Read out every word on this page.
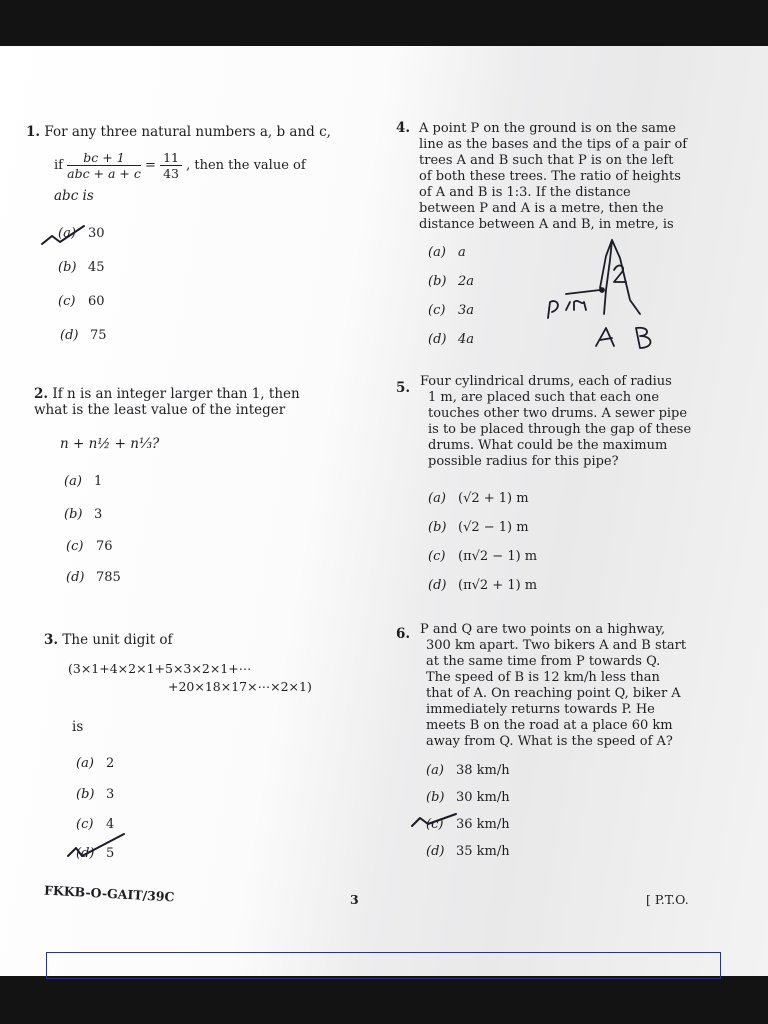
1. For any three natural numbers a, b and c,

if $\frac{bc + 1}{\text{abc + a + c}} = \frac{11}{43}$ , then the value of
abc is
(a) 30
(b) 45
(c) 60
(d) 75

2. If n is an integer larger than 1, then what is the least value of the integer

n + n½ + n⅓?
(a) 1
(b) 3
(c) 76
(d) 785
3. The unit digit of
(3×1+4×2×1+5×3×2×1+⋯
+20×18×17×⋯×2×1)
is
(a) 2
(b) 3
(c) 4
(d) 5
4. A point P on the ground is on the same

line as the bases and the tips of a pair of

trees A and B such that P is on the left

of both these trees. The ratio of heights

of A and B is 1:3. If the distance

between P and A is a metre, then the

distance between A and B, in metre, is

(a) a
(b) 2a
(c) 3a
(d) 4a
5. Four cylindrical drums, each of radius

1 m, are placed such that each one

touches other two drums. A sewer pipe

is to be placed through the gap of these

drums. What could be the maximum

possible radius for this pipe?

(a) (√2 + 1) m
(b) (√2 − 1) m
(c) (π√2 − 1) m
(d) (π√2 + 1) m
6. P and Q are two points on a highway,

300 km apart. Two bikers A and B start

at the same time from P towards Q.

The speed of B is 12 km/h less than

that of A. On reaching point Q, biker A

immediately returns towards P. He

meets B on the road at a place 60 km

away from Q. What is the speed of A?

(a) 38 km/h
(b) 30 km/h
(c) 36 km/h
(d) 35 km/h
FKKB-O-GAIT/39C	3	[ P.T.O.
